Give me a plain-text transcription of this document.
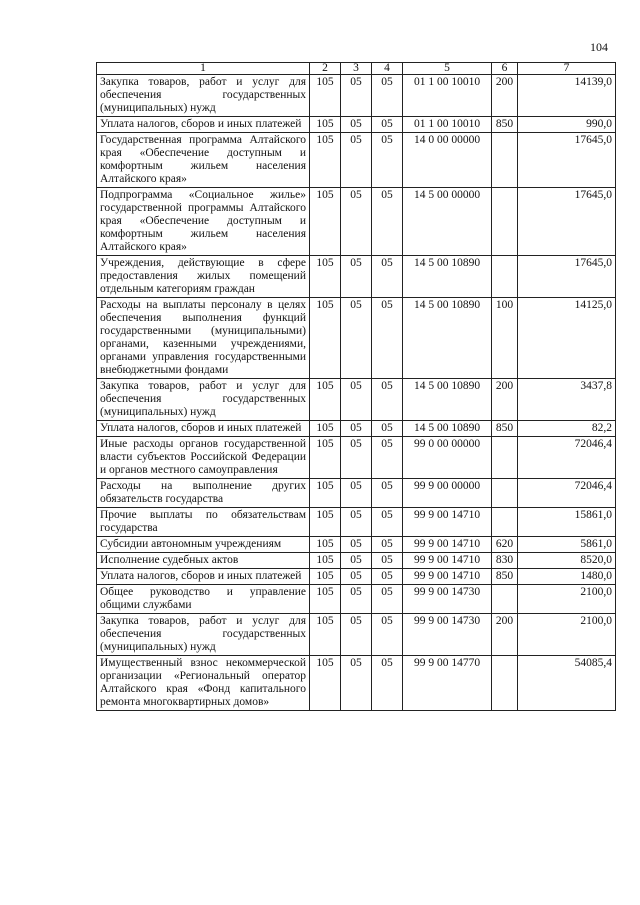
104
1	2	3	4	5	6	7
Закупка товаров, работ и услуг для обеспечения государственных (муниципальных) нужд	105	05	05	01 1 00 10010	200	14139,0
Уплата налогов, сборов и иных платежей	105	05	05	01 1 00 10010	850	990,0
Государственная программа Алтайского края «Обеспечение доступным и комфортным жильем населения Алтайского края»	105	05	05	14 0 00 00000		17645,0
Подпрограмма «Социальное жилье» государственной программы Алтайского края «Обеспечение доступным и комфортным жильем населения Алтайского края»	105	05	05	14 5 00 00000		17645,0
Учреждения, действующие в сфере предоставления жилых помещений отдельным категориям граждан	105	05	05	14 5 00 10890		17645,0
Расходы на выплаты персоналу в целях обеспечения выполнения функций государственными (муниципальными) органами, казенными учреждениями, органами управления государственными внебюджетными фондами	105	05	05	14 5 00 10890	100	14125,0
Закупка товаров, работ и услуг для обеспечения государственных (муниципальных) нужд	105	05	05	14 5 00 10890	200	3437,8
Уплата налогов, сборов и иных платежей	105	05	05	14 5 00 10890	850	82,2
Иные расходы органов государственной власти субъектов Российской Федерации и органов местного самоуправления	105	05	05	99 0 00 00000		72046,4
Расходы на выполнение других обязательств государства	105	05	05	99 9 00 00000		72046,4
Прочие выплаты по обязательствам государства	105	05	05	99 9 00 14710		15861,0
Субсидии автономным учреждениям	105	05	05	99 9 00 14710	620	5861,0
Исполнение судебных актов	105	05	05	99 9 00 14710	830	8520,0
Уплата налогов, сборов и иных платежей	105	05	05	99 9 00 14710	850	1480,0
Общее руководство и управление общими службами	105	05	05	99 9 00 14730		2100,0
Закупка товаров, работ и услуг для обеспечения государственных (муниципальных) нужд	105	05	05	99 9 00 14730	200	2100,0
Имущественный взнос некоммерческой организации «Региональный оператор Алтайского края «Фонд капитального ремонта многоквартирных домов»	105	05	05	99 9 00 14770		54085,4
